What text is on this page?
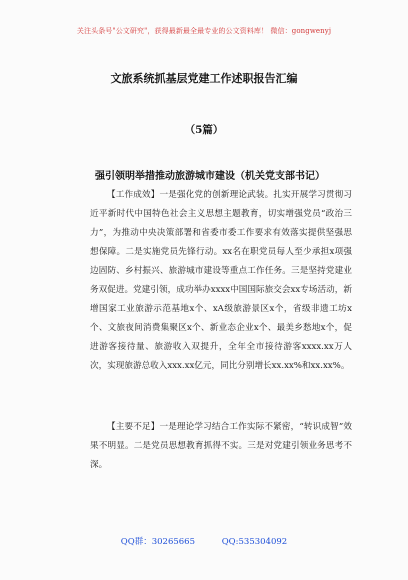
关注头条号"公文研究"，获得最新最全最专业的公文资料库！ 微信：gongwenyj
文旅系统抓基层党建工作述职报告汇编
（5篇）
强引领明举措推动旅游城市建设（机关党支部书记）

【工作成效】一是强化党的创新理论武装。扎实开展学习贯彻习近平新时代中国特色社会主义思想主题教育，切实增强党员“政治三力”，为推动中央决策部署和省委市委工作要求有效落实提供坚强思想保障。二是实施党员先锋行动。xx名在职党员每人至少承担x项强边固防、乡村振兴、旅游城市建设等重点工作任务。三是坚持党建业务双促进。党建引领，成功举办xxxx中国国际旅交会xx专场活动，新增国家工业旅游示范基地x个、xA级旅游景区x个，省级非遗工坊x个、文旅夜间消费集聚区x个、新业态企业x个、最美乡愁地x个，促进游客接待量、旅游收入双提升，全年全市接待游客xxxx.xx万人次，实现旅游总收入xxx.xx亿元，同比分别增长xx.xx%和xx.xx%。

【主要不足】一是理论学习结合工作实际不紧密，“转识成智”效果不明显。二是党员思想教育抓得不实。三是对党建引领业务思考不深。

QQ群：30265665	QQ:535304092
